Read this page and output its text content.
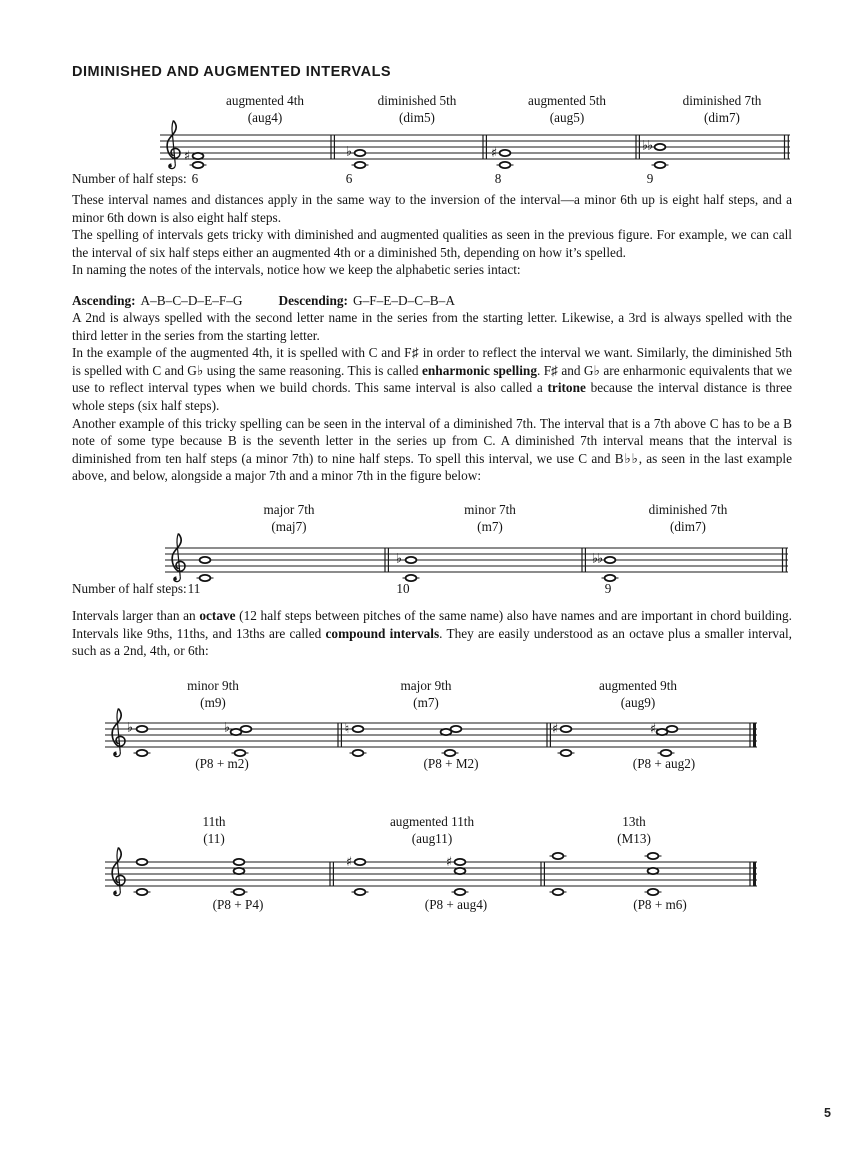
DIMINISHED AND AUGMENTED INTERVALS
augmented 4th
(aug4)
diminished 5th
(dim5)
augmented 5th
(aug5)
diminished 7th
(dim7)
♯	♭	♯	♭♭
Number of half steps: 6	6	8	9

These interval names and distances apply in the same way to the inversion of the interval—a minor 6th up is eight half steps, and a minor 6th down is also eight half steps.

The spelling of intervals gets tricky with diminished and augmented qualities as seen in the previous figure. For example, we can call the interval of six half steps either an augmented 4th or a diminished 5th, depending on how it’s spelled.

In naming the notes of the intervals, notice how we keep the alphabetic series intact:

Ascending: A–B–C–D–E–F–G	Descending: G–F–E–D–C–B–A

A 2nd is always spelled with the second letter name in the series from the starting letter. Likewise, a 3rd is always spelled with the third letter in the series from the starting letter.

In the example of the augmented 4th, it is spelled with C and F♯ in order to reflect the interval we want. Similarly, the diminished 5th is spelled with C and G♭ using the same reasoning. This is called enharmonic spelling. F♯ and G♭ are enharmonic equivalents that we use to reflect interval types when we build chords. This same interval is also called a tritone because the interval distance is three whole steps (six half steps).

Another example of this tricky spelling can be seen in the interval of a diminished 7th. The interval that is a 7th above C has to be a B note of some type because B is the seventh letter in the series up from C. A diminished 7th interval means that the interval is diminished from ten half steps (a minor 7th) to nine half steps. To spell this interval, we use C and B♭♭, as seen in the last example above, and below, alongside a major 7th and a minor 7th in the figure below:

major 7th
(maj7)
minor 7th
(m7)
diminished 7th
(dim7)
♭	♭♭
Number of half steps:11	10	9

Intervals larger than an octave (12 half steps between pitches of the same name) also have names and are important in chord building. Intervals like 9ths, 11ths, and 13ths are called compound intervals. They are easily understood as an octave plus a smaller interval, such as a 2nd, 4th, or 6th:

minor 9th
(m9)
major 9th
(m7)
augmented 9th
(aug9)
♭	♭	♮	♯	♯
(P8 + m2)	(P8 + M2)	(P8 + aug2)
11th
(11)
augmented 11th
(aug11)
13th
(M13)
♯	♯
(P8 + P4)	(P8 + aug4)	(P8 + m6)
5
